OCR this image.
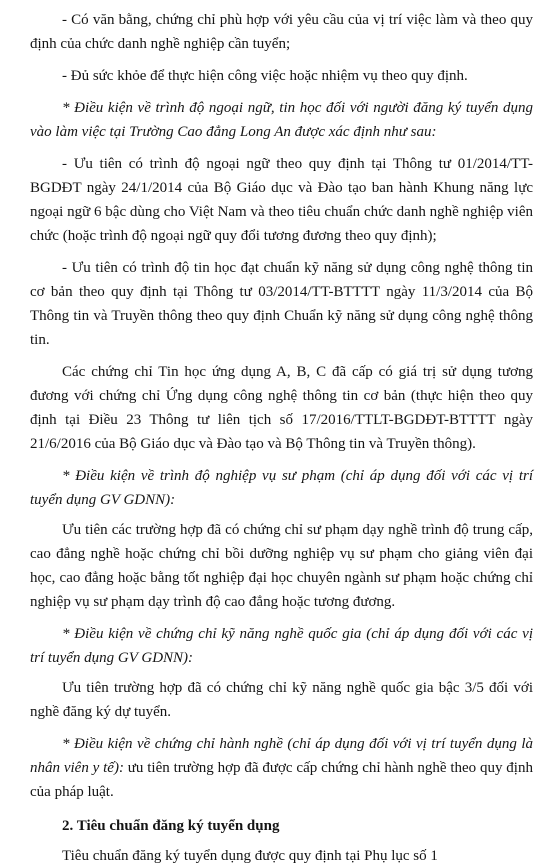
- Có văn bằng, chứng chỉ phù hợp với yêu cầu của vị trí việc làm và theo quy định của chức danh nghề nghiệp cần tuyển;

- Đủ sức khỏe để thực hiện công việc hoặc nhiệm vụ theo quy định.

* Điều kiện về trình độ ngoại ngữ, tin học đối với người đăng ký tuyển dụng vào làm việc tại Trường Cao đẳng Long An được xác định như sau:

- Ưu tiên có trình độ ngoại ngữ theo quy định tại Thông tư 01/2014/TT-BGDĐT ngày 24/1/2014 của Bộ Giáo dục và Đào tạo ban hành Khung năng lực ngoại ngữ 6 bậc dùng cho Việt Nam và theo tiêu chuẩn chức danh nghề nghiệp viên chức (hoặc trình độ ngoại ngữ quy đổi tương đương theo quy định);

- Ưu tiên có trình độ tin học đạt chuẩn kỹ năng sử dụng công nghệ thông tin cơ bản theo quy định tại Thông tư 03/2014/TT-BTTTT ngày 11/3/2014 của Bộ Thông tin và Truyền thông theo quy định Chuẩn kỹ năng sử dụng công nghệ thông tin.

Các chứng chỉ Tin học ứng dụng A, B, C đã cấp có giá trị sử dụng tương đương với chứng chỉ Ứng dụng công nghệ thông tin cơ bản (thực hiện theo quy định tại Điều 23 Thông tư liên tịch số 17/2016/TTLT-BGDĐT-BTTTT ngày 21/6/2016 của Bộ Giáo dục và Đào tạo và Bộ Thông tin và Truyền thông).

* Điều kiện về trình độ nghiệp vụ sư phạm (chỉ áp dụng đối với các vị trí tuyển dụng GV GDNN):

Ưu tiên các trường hợp đã có chứng chỉ sư phạm dạy nghề trình độ trung cấp, cao đẳng nghề hoặc chứng chỉ bồi dưỡng nghiệp vụ sư phạm cho giảng viên đại học, cao đẳng hoặc bằng tốt nghiệp đại học chuyên ngành sư phạm hoặc chứng chỉ nghiệp vụ sư phạm dạy trình độ cao đẳng hoặc tương đương.

* Điều kiện về chứng chỉ kỹ năng nghề quốc gia (chỉ áp dụng đối với các vị trí tuyển dụng GV GDNN):

Ưu tiên trường hợp đã có chứng chỉ kỹ năng nghề quốc gia bậc 3/5 đối với nghề đăng ký dự tuyển.

* Điều kiện về chứng chỉ hành nghề (chỉ áp dụng đối với vị trí tuyển dụng là nhân viên y tế): ưu tiên trường hợp đã được cấp chứng chỉ hành nghề theo quy định của pháp luật.

2. Tiêu chuẩn đăng ký tuyển dụng

Tiêu chuẩn đăng ký tuyển dụng được quy định tại Phụ lục số 1
